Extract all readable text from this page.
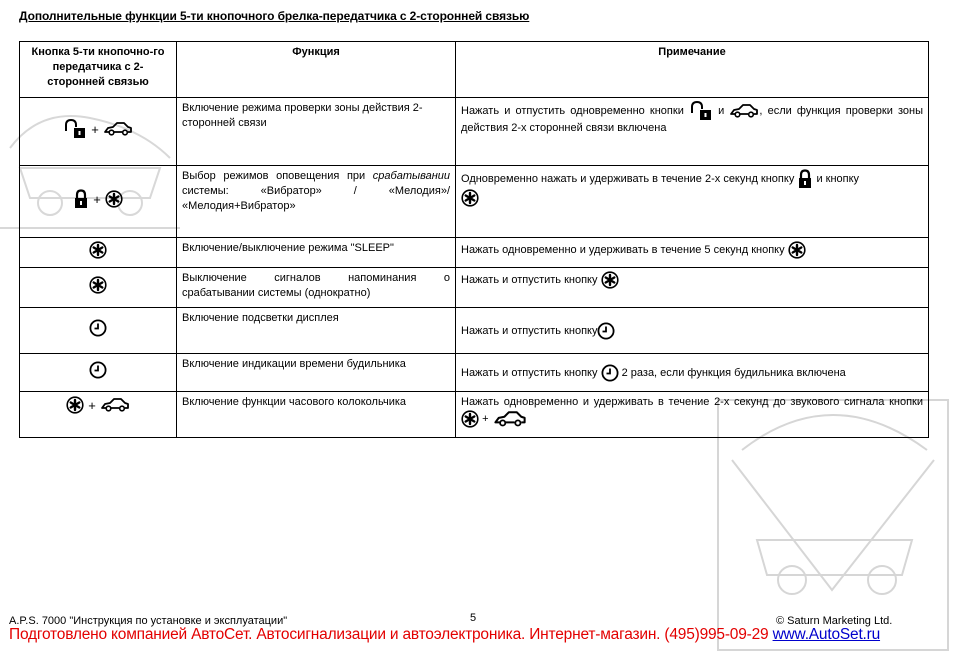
Дополнительные функции 5-ти кнопочного брелка-передатчика с 2-сторонней связью
Кнопка 5-ти кнопочно-го передатчика с 2-сторонней связью	Функция	Примечание

+	Включение режима проверки зоны действия 2-сторонней связи	Нажать и отпустить одновременно кнопки и , если функция проверки зоны действия 2-х сторонней связи включена

+	Выбор режимов оповещения при срабатывании системы: «Вибратор» / «Мелодия»/ «Мелодия+Вибратор»	Одновременно нажать и удерживать в течение 2-х секунд кнопку и кнопку

	Включение/выключение режима "SLEEP"	Нажать одновременно и удерживать в течение 5 секунд кнопку
	Выключение сигналов напоминания о срабатывании системы (однократно)	Нажать и отпустить кнопку
	Включение подсветки дисплея	Нажать и отпустить кнопку
	Включение индикации времени будильника	Нажать и отпустить кнопку 2 раза, если функция будильника включена

+	Включение функции часового колокольчика	Нажать одновременно и удерживать в течение 2-х секунд до звукового сигнала кнопки  +
A.P.S. 7000 "Инструкция по установке и эксплуатации"	5	© Saturn Marketing Ltd.
Подготовлено компанией АвтоСет. Автосигнализации и автоэлектроника. Интернет-магазин. (495)995-09-29 www.AutoSet.ru
